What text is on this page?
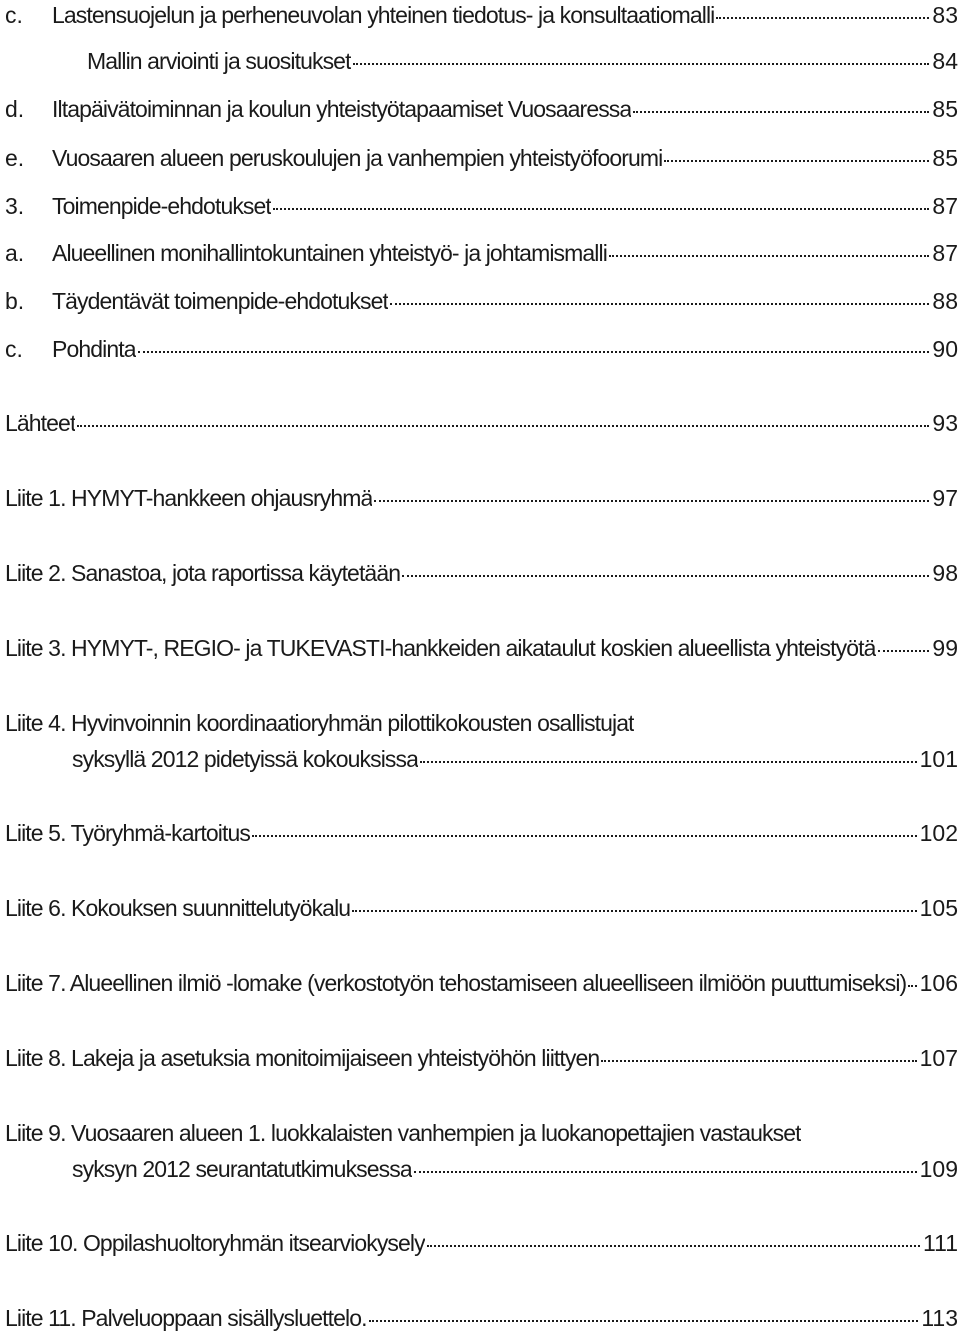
c. Lastensuojelun ja perheneuvolan yhteinen tiedotus- ja konsultaatiomalli	83
Mallin arviointi ja suositukset	84
d. Iltapäivätoiminnan ja koulun yhteistyötapaamiset Vuosaaressa	85
e. Vuosaaren alueen peruskoulujen ja vanhempien yhteistyöfoorumi	85
3. Toimenpide-ehdotukset	87
a. Alueellinen monihallintokuntainen yhteistyö- ja johtamismalli	87
b. Täydentävät toimenpide-ehdotukset	88
c. Pohdinta	90
Lähteet	93
Liite 1. HYMYT-hankkeen ohjausryhmä	97
Liite 2. Sanastoa, jota raportissa käytetään	98
Liite 3. HYMYT-, REGIO- ja TUKEVASTI-hankkeiden aikataulut koskien alueellista yhteistyötä 99
Liite 4. Hyvinvoinnin koordinaatioryhmän pilottikokousten osallistujat
syksyllä 2012 pidetyissä kokouksissa	101
Liite 5. Työryhmä-kartoitus	102
Liite 6. Kokouksen suunnittelutyökalu	105
Liite 7. Alueellinen ilmiö -lomake (verkostotyön tehostamiseen alueelliseen ilmiöön puuttumiseksi) 106
Liite 8. Lakeja ja asetuksia monitoimijaiseen yhteistyöhön liittyen	107
Liite 9. Vuosaaren alueen 1. luokkalaisten vanhempien ja luokanopettajien vastaukset
syksyn 2012 seurantatutkimuksessa	109
Liite 10. Oppilashuoltoryhmän itsearviokysely	111
Liite 11. Palveluoppaan sisällysluettelo.	113
